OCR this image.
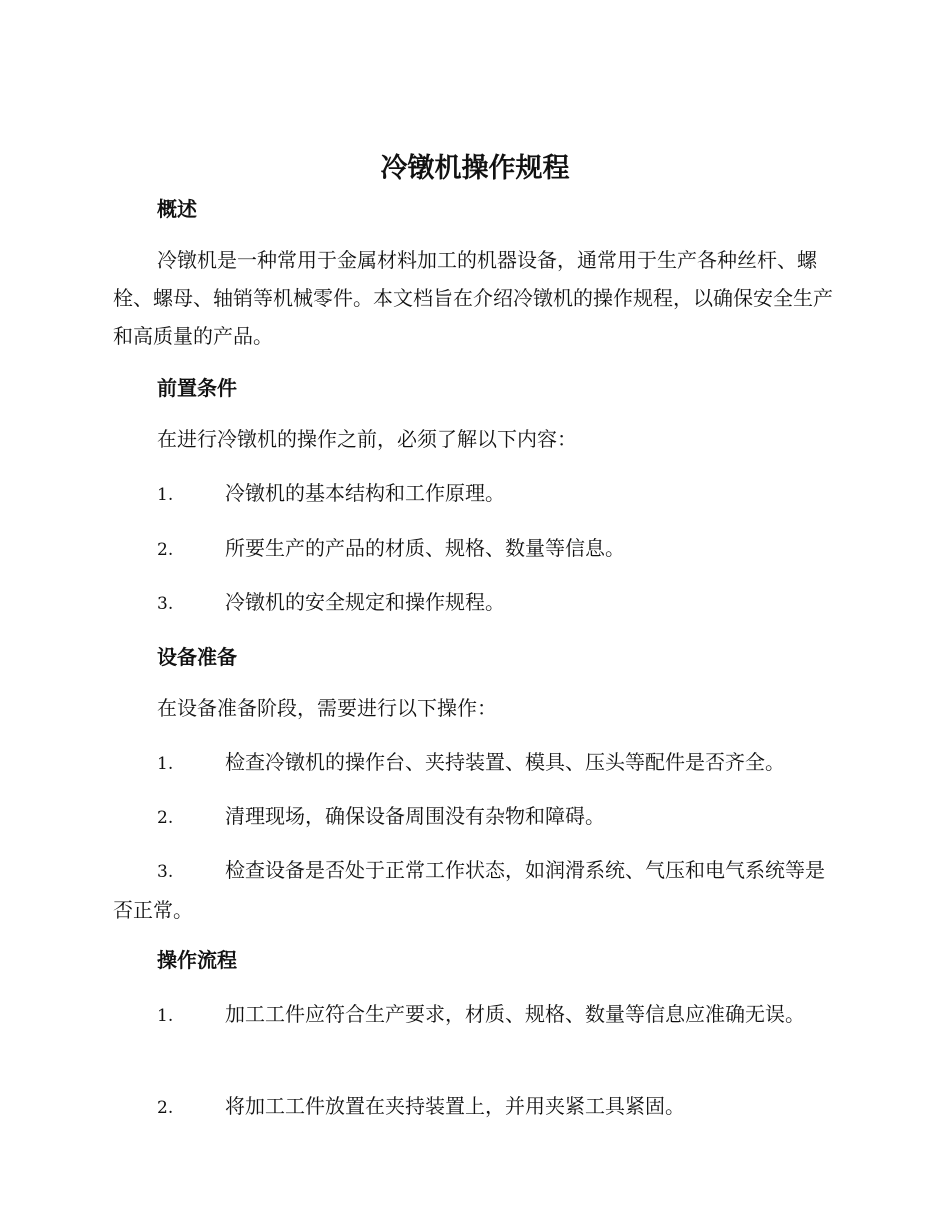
冷镦机操作规程
概述
冷镦机是一种常用于金属材料加工的机器设备，通常用于生产各种丝杆、螺栓、螺母、轴销等机械零件。本文档旨在介绍冷镦机的操作规程，以确保安全生产和高质量的产品。
前置条件
在进行冷镦机的操作之前，必须了解以下内容：
1.	冷镦机的基本结构和工作原理。
2.	所要生产的产品的材质、规格、数量等信息。
3.	冷镦机的安全规定和操作规程。
设备准备
在设备准备阶段，需要进行以下操作：
1.	检查冷镦机的操作台、夹持装置、模具、压头等配件是否齐全。
2.	清理现场，确保设备周围没有杂物和障碍。
3.	检查设备是否处于正常工作状态，如润滑系统、气压和电气系统等是否正常。
操作流程
1.	加工工件应符合生产要求，材质、规格、数量等信息应准确无误。
2.	将加工工件放置在夹持装置上，并用夹紧工具紧固。
